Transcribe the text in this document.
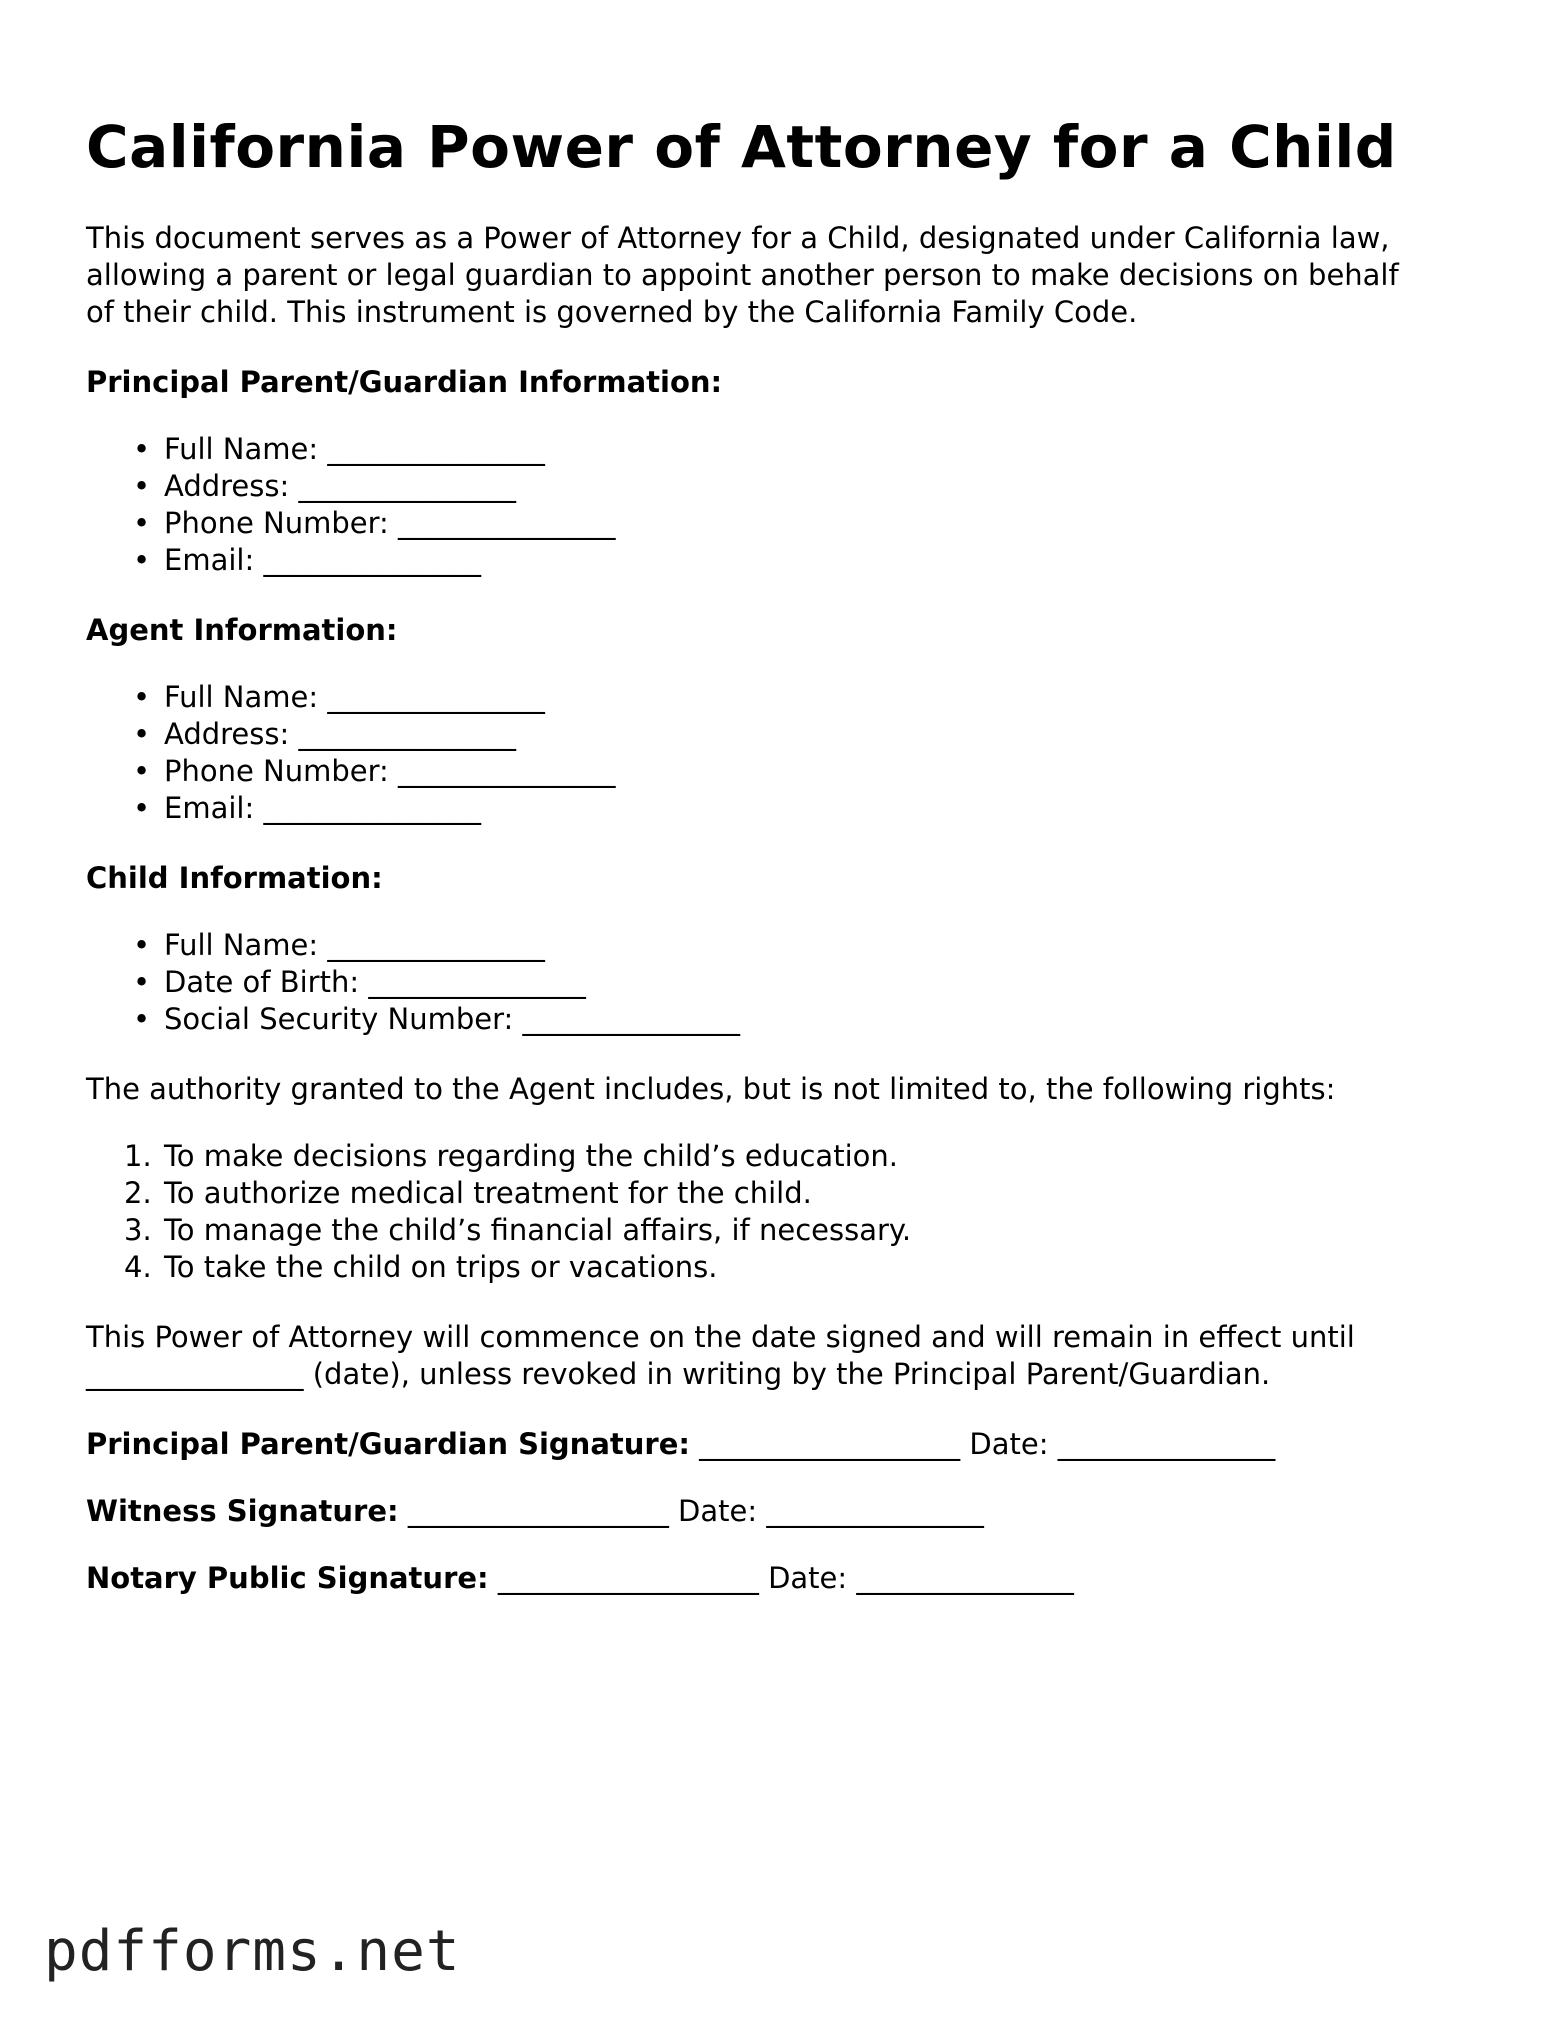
California Power of Attorney for a Child

This document serves as a Power of Attorney for a Child, designated under California law,
allowing a parent or legal guardian to appoint another person to make decisions on behalf
of their child. This instrument is governed by the California Family Code.

Principal Parent/Guardian Information:

• Full Name: _______________
• Address: _______________
• Phone Number: _______________
• Email: _______________

Agent Information:

• Full Name: _______________
• Address: _______________
• Phone Number: _______________
• Email: _______________

Child Information:

• Full Name: _______________
• Date of Birth: _______________
• Social Security Number: _______________

The authority granted to the Agent includes, but is not limited to, the following rights:

1. To make decisions regarding the child’s education.
2. To authorize medical treatment for the child.
3. To manage the child’s financial affairs, if necessary.
4. To take the child on trips or vacations.

This Power of Attorney will commence on the date signed and will remain in effect until
_______________ (date), unless revoked in writing by the Principal Parent/Guardian.

Principal Parent/Guardian Signature: __________________ Date: _______________

Witness Signature: __________________ Date: _______________

Notary Public Signature: __________________ Date: _______________

pdfforms.net
